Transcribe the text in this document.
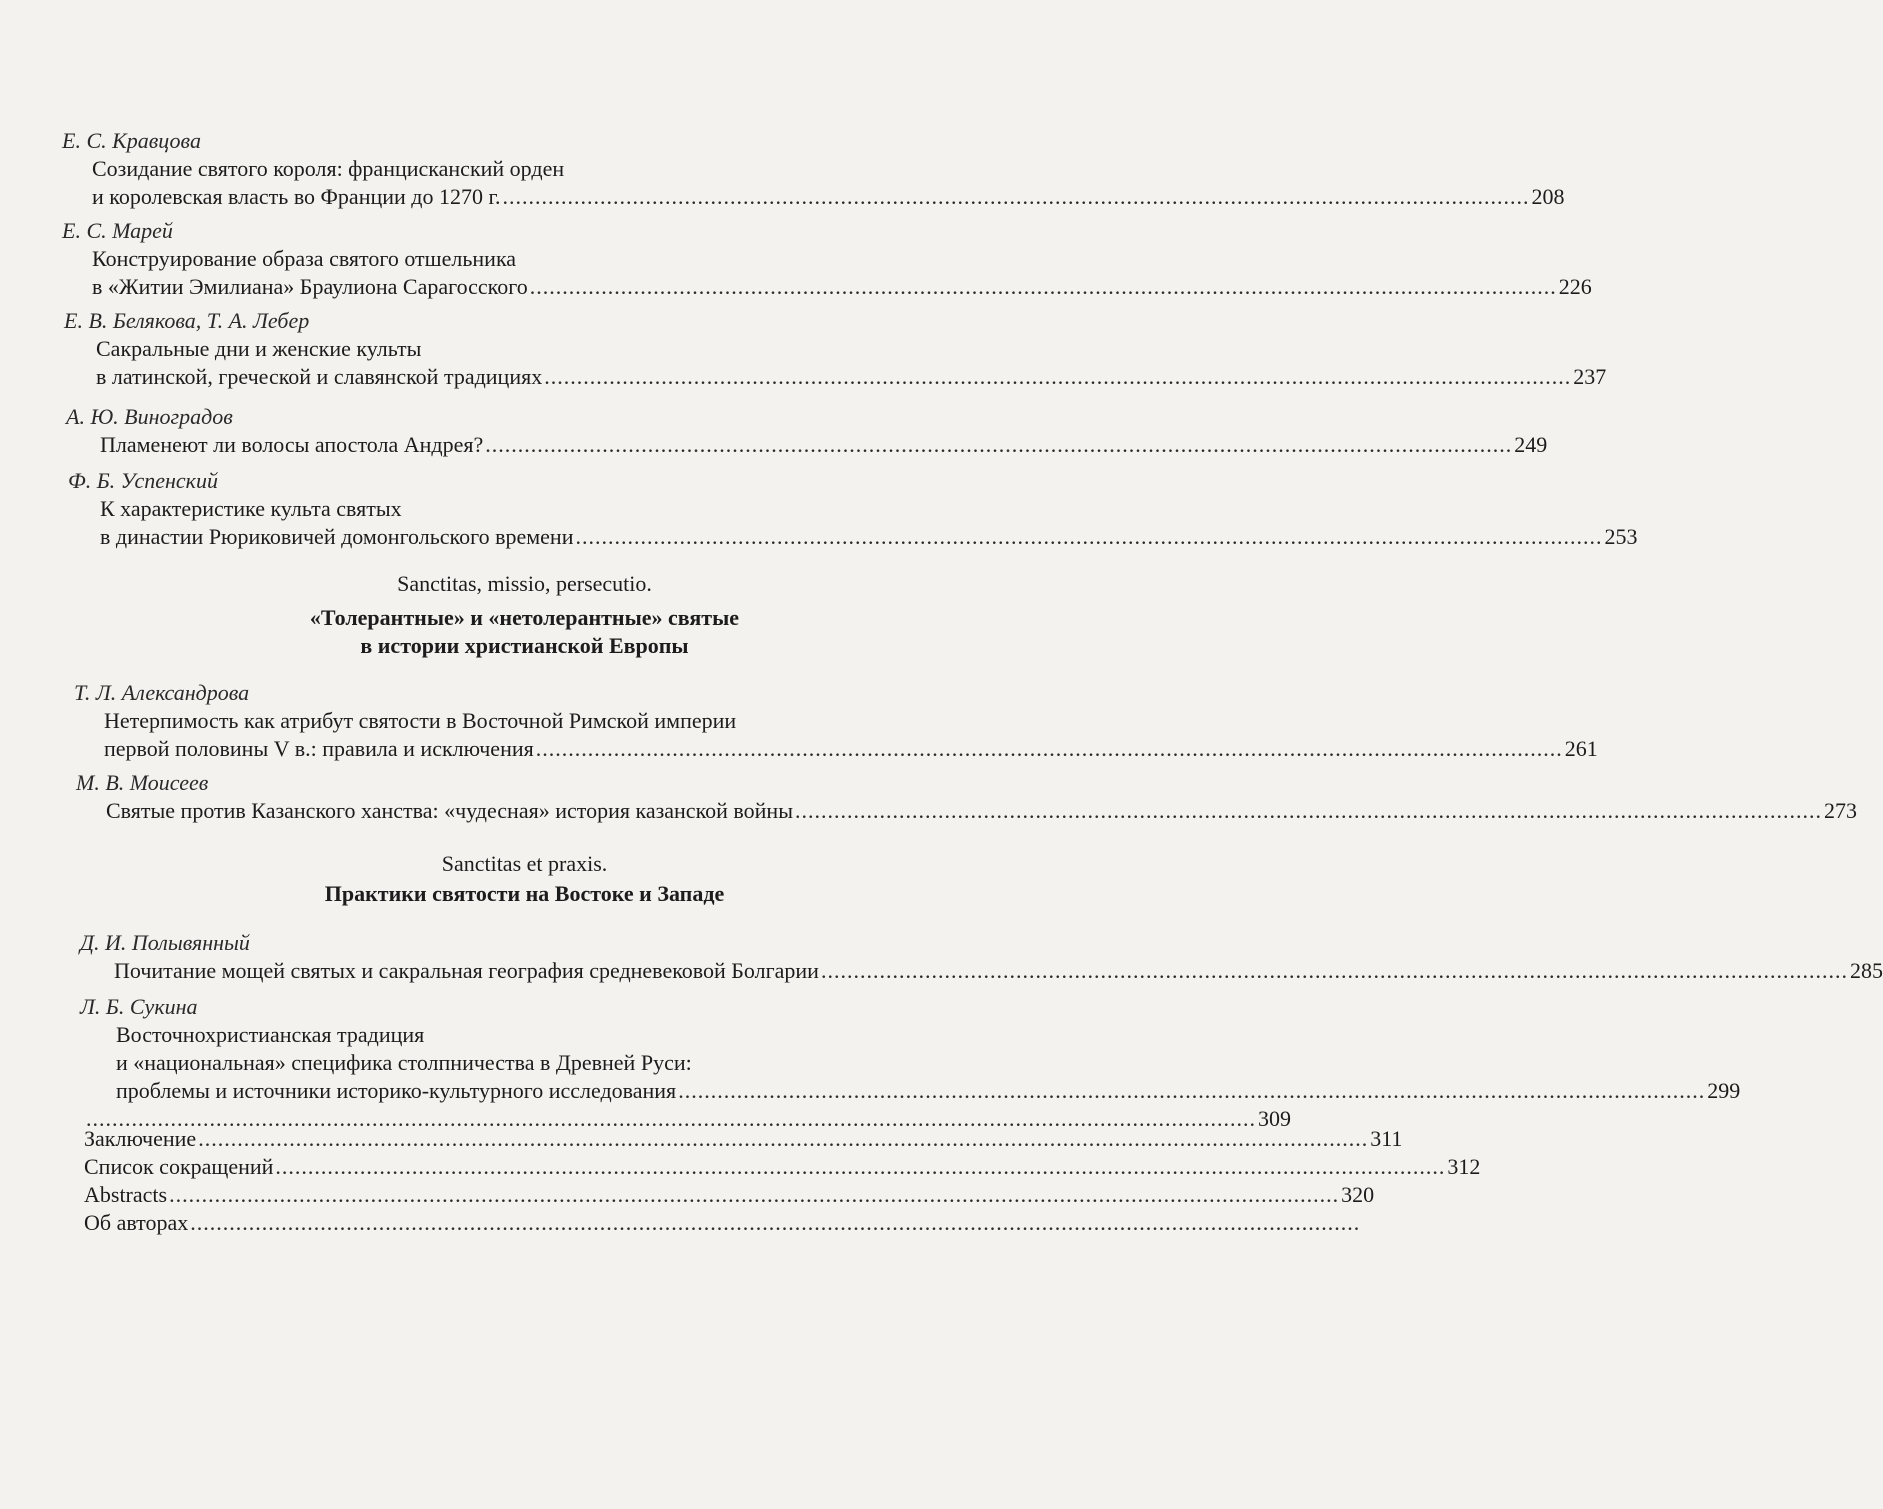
Е. С. Кравцова
Созидание святого короля: францисканский орден
и королевская власть во Франции до 1270 г. .............................................................................................................................................................. 208
Е. С. Марей
Конструирование образа святого отшельника
в «Житии Эмилиана» Браулиона Сарагосского .............................................................................................................................................................. 226
Е. В. Белякова, Т. А. Лебер
Сакральные дни и женские культы
в латинской, греческой и славянской традициях .............................................................................................................................................................. 237
А. Ю. Виноградов
Пламенеют ли волосы апостола Андрея? .............................................................................................................................................................. 249
Ф. Б. Успенский
К характеристике культа святых
в династии Рюриковичей домонгольского времени .............................................................................................................................................................. 253
Sanctitas, missio, persecutio.
«Толерантные» и «нетолерантные» святые
в истории христианской Европы
Т. Л. Александрова
Нетерпимость как атрибут святости в Восточной Римской империи
первой половины V в.: правила и исключения .............................................................................................................................................................. 261
М. В. Моисеев
Святые против Казанского ханства: «чудесная» история казанской войны .............................................................................................................................................................. 273
Sanctitas et praxis.
Практики святости на Востоке и Западе
Д. И. Полывянный
Почитание мощей святых и сакральная география средневековой Болгарии .............................................................................................................................................................. 285
Л. Б. Сукина
Восточнохристианская традиция
и «национальная» специфика столпничества в Древней Руси:
проблемы и источники историко-культурного исследования .............................................................................................................................................................. 299
.................................................................................................................................................................................... 309
Заключение .................................................................................................................................................................................... 311
Список сокращений .................................................................................................................................................................................... 312
Abstracts .................................................................................................................................................................................... 320
Об авторах ....................................................................................................................................................................................
